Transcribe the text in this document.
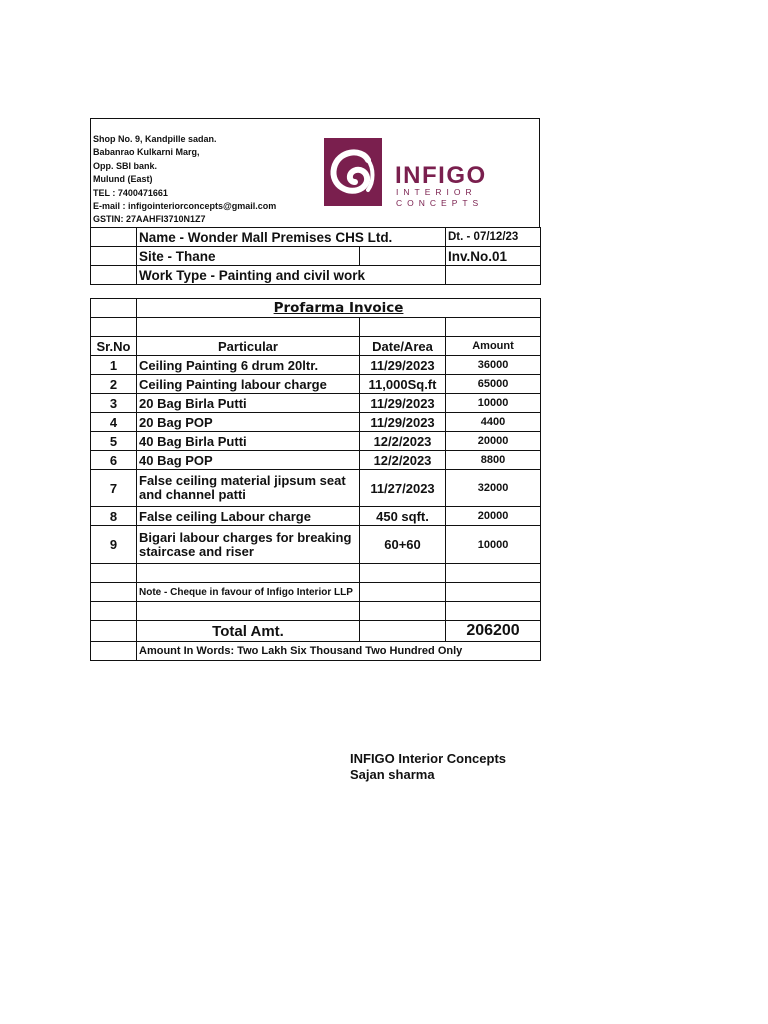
Shop No. 9, Kandpille sadan.
Babanrao Kulkarni Marg,
Opp. SBI bank.
Mulund (East)
TEL : 7400471661
E-mail : infigointeriorconcepts@gmail.com
GSTIN: 27AAHFI3710N1Z7
INFIGO
INTERIOR
CONCEPTS
	Name - Wonder Mall Premises CHS Ltd.		Dt. - 07/12/23
	Site - Thane		Inv.No.01
	Work Type - Painting and civil work		
	Profarma Invoice		

Sr.No	Particular	Date/Area	Amount
1	Ceiling Painting 6 drum 20ltr.	11/29/2023	36000
2	Ceiling Painting labour charge	11,000Sq.ft	65000
3	20 Bag Birla Putti	11/29/2023	10000
4	20 Bag POP	11/29/2023	4400
5	40 Bag Birla Putti	12/2/2023	20000
6	40 Bag POP	12/2/2023	8800
7	False ceiling material jipsum seat and channel patti	11/27/2023	32000
8	False ceiling Labour charge	450 sqft.	20000
9	Bigari labour charges for breaking staircase and riser	60+60	10000

	Note - Cheque in favour of Infigo Interior LLP		

	Total Amt.		206200
	Amount In Words: Two Lakh Six Thousand Two Hundred Only		
INFIGO Interior Concepts
Sajan sharma
